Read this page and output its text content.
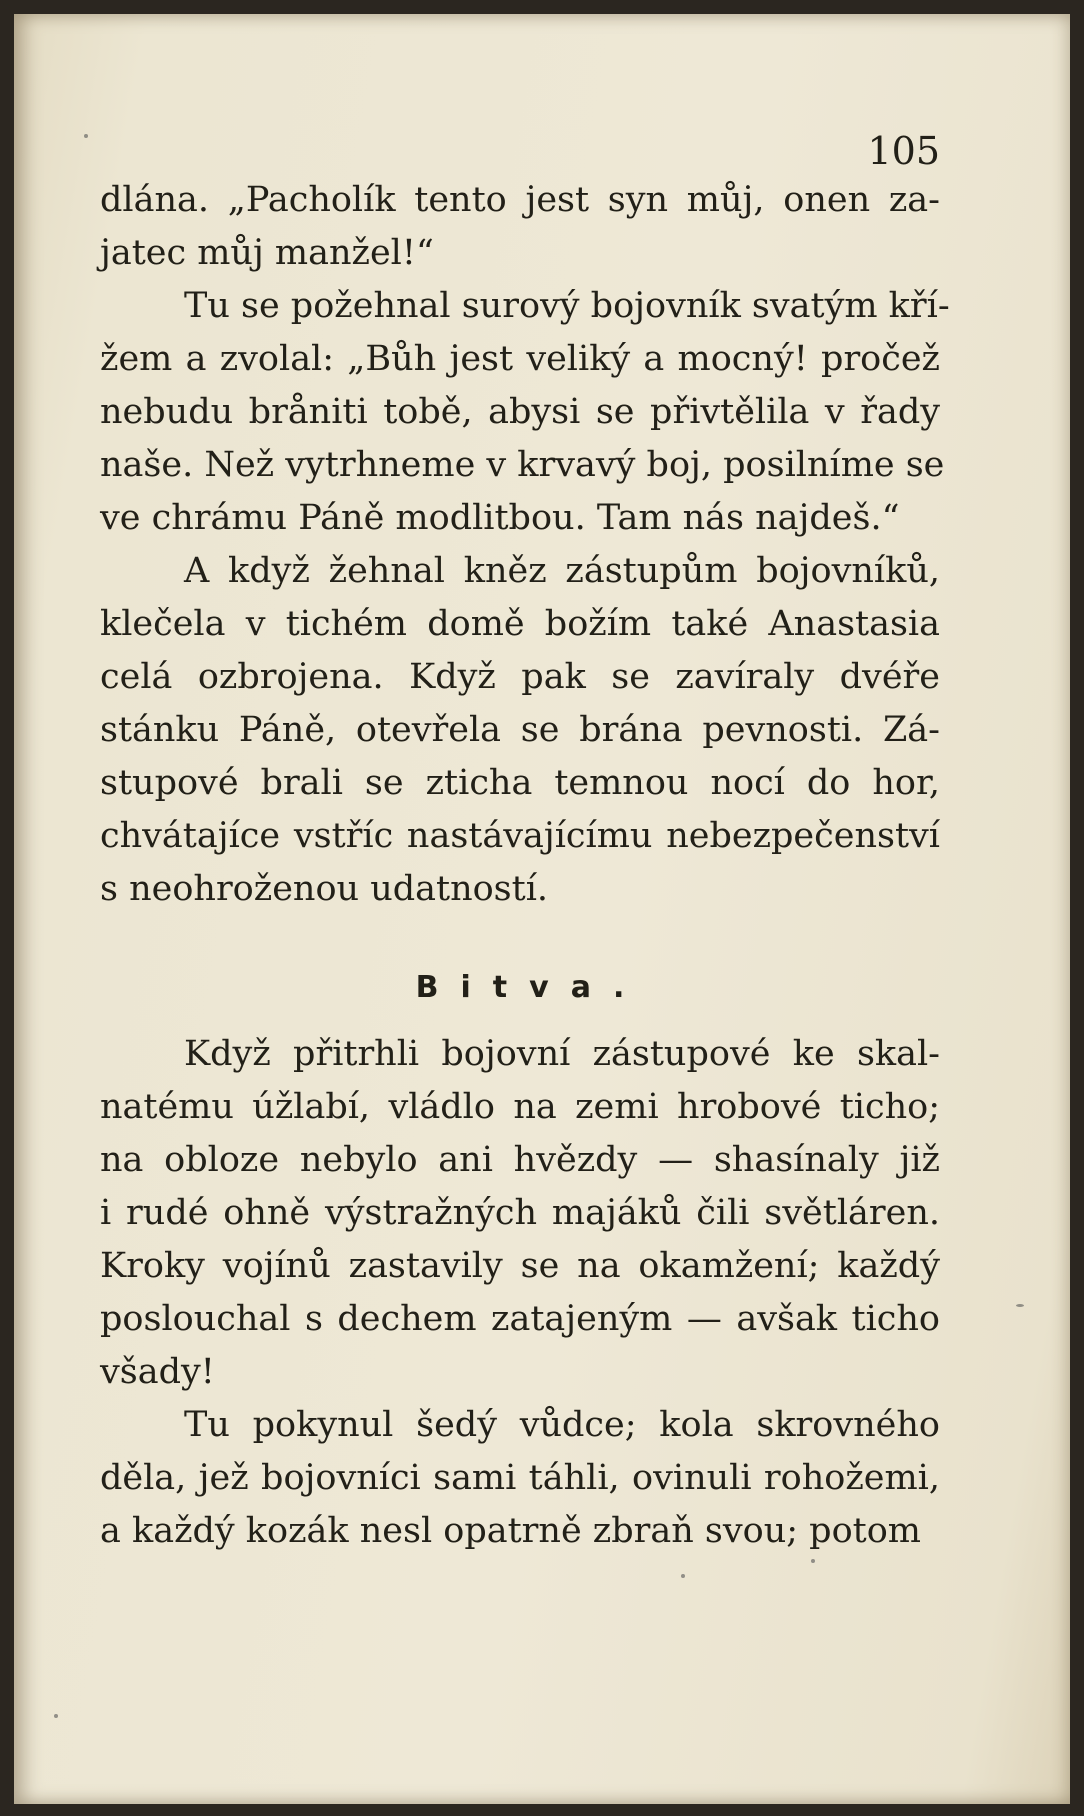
105

dlána. „Pacholík tento jest syn můj, onen za-
jatec můj manžel!“
Tu se požehnal surový bojovník svatým kří-
žem a zvolal: „Bůh jest veliký a mocný! pročež
nebudu bråniti tobě, abysi se přivtělila v řady
naše. Než vytrhneme v krvavý boj, posilníme se
ve chrámu Páně modlitbou. Tam nás najdeš.“
A když žehnal kněz zástupům bojovníků,
klečela v tichém domě božím také Anastasia
celá ozbrojena. Když pak se zavíraly dvéře
stánku Páně, otevřela se brána pevnosti. Zá-
stupové brali se zticha temnou nocí do hor,
chvátajíce vstříc nastávajícímu nebezpečenství
s neohroženou udatností.
Bitva.
Když přitrhli bojovní zástupové ke skal-
natému úžlabí, vládlo na zemi hrobové ticho;
na obloze nebylo ani hvězdy — shasínaly již
i rudé ohně výstražných majáků čili světláren.
Kroky vojínů zastavily se na okamžení; každý
poslouchal s dechem zatajeným — avšak ticho
všady!
Tu pokynul šedý vůdce; kola skrovného
děla, jež bojovníci sami táhli, ovinuli rohožemi,
a každý kozák nesl opatrně zbraň svou; potom
